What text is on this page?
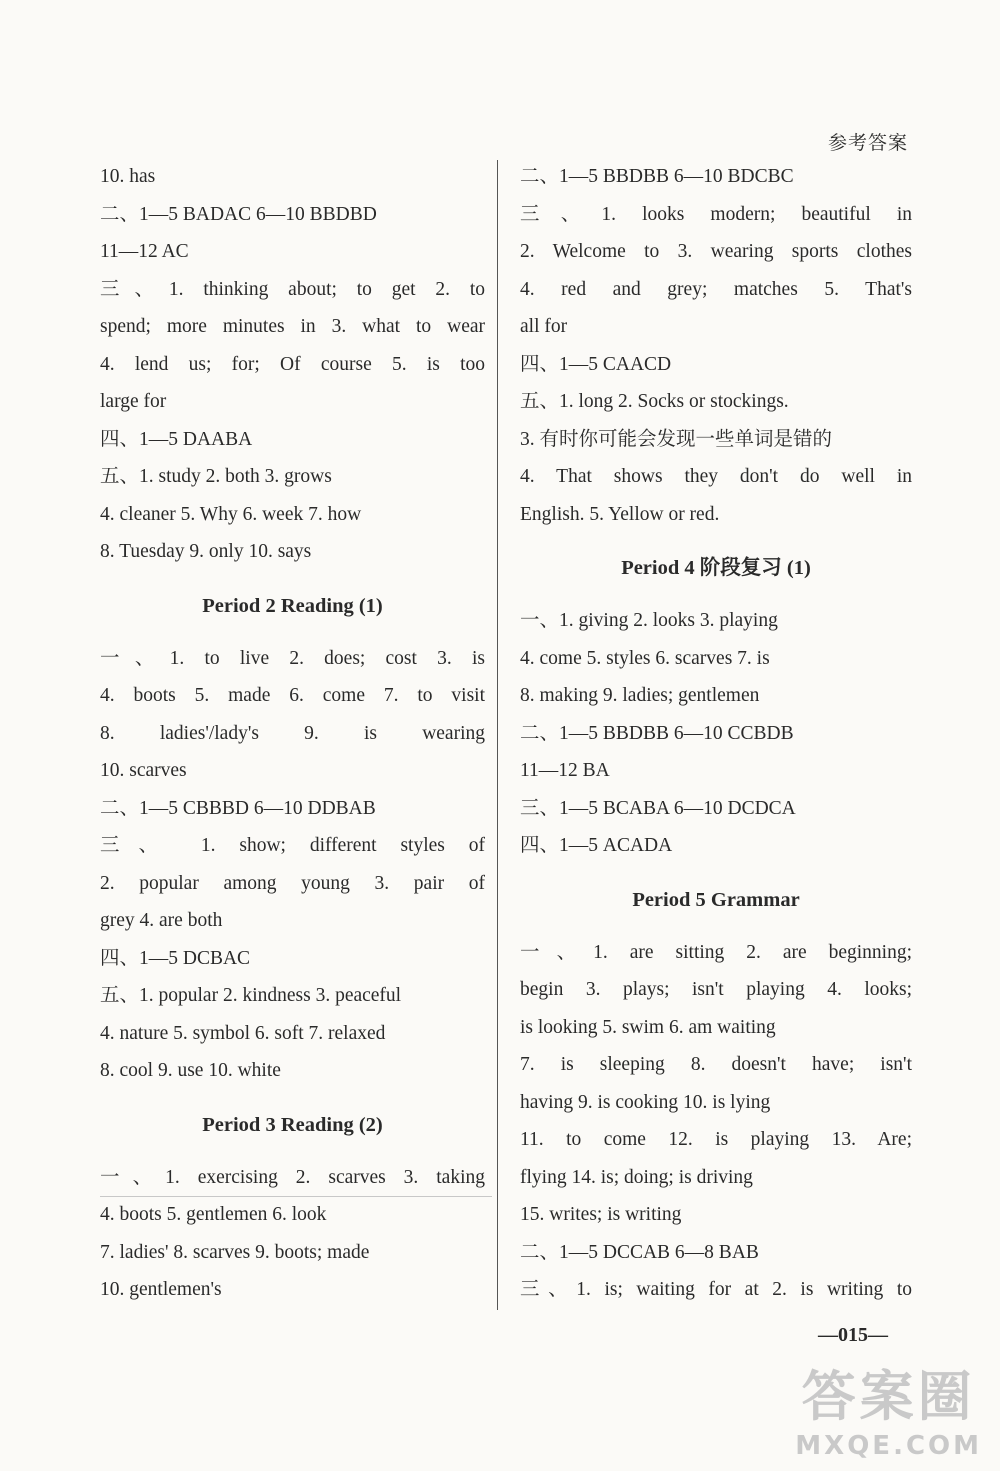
参考答案
10. has
二、1—5 BADAC 6—10 BBDBD
11—12 AC
三、1. thinking about; to get 2. to
spend; more minutes in 3. what to wear
4. lend us; for; Of course 5. is too
large for
四、1—5 DAABA
五、1. study 2. both 3. grows
4. cleaner 5. Why 6. week 7. how
8. Tuesday 9. only 10. says
Period 2 Reading (1)
一、1. to live 2. does; cost 3. is
4. boots 5. made 6. come 7. to visit
8. ladies'/lady's 9. is wearing
10. scarves
二、1—5 CBBBD 6—10 DDBAB
三、 1. show; different styles of
2. popular among young 3. pair of
grey 4. are both
四、1—5 DCBAC
五、1. popular 2. kindness 3. peaceful
4. nature 5. symbol 6. soft 7. relaxed
8. cool 9. use 10. white
Period 3 Reading (2)
一、1. exercising 2. scarves 3. taking
4. boots 5. gentlemen 6. look
7. ladies' 8. scarves 9. boots; made
10. gentlemen's
二、1—5 BBDBB 6—10 BDCBC
三、1. looks modern; beautiful in
2. Welcome to 3. wearing sports clothes
4. red and grey; matches 5. That's
all for
四、1—5 CAACD
五、1. long 2. Socks or stockings.
3. 有时你可能会发现一些单词是错的
4. That shows they don't do well in
English. 5. Yellow or red.
Period 4 阶段复习 (1)
一、1. giving 2. looks 3. playing
4. come 5. styles 6. scarves 7. is
8. making 9. ladies; gentlemen
二、1—5 BBDBB 6—10 CCBDB
11—12 BA
三、1—5 BCABA 6—10 DCDCA
四、1—5 ACADA
Period 5 Grammar
一、1. are sitting 2. are beginning;
begin 3. plays; isn't playing 4. looks;
is looking 5. swim 6. am waiting
7. is sleeping 8. doesn't have; isn't
having 9. is cooking 10. is lying
11. to come 12. is playing 13. Are;
flying 14. is; doing; is driving
15. writes; is writing
二、1—5 DCCAB 6—8 BAB
三、1. is; waiting for at 2. is writing to
—015—
答案圈
MXQE.COM
